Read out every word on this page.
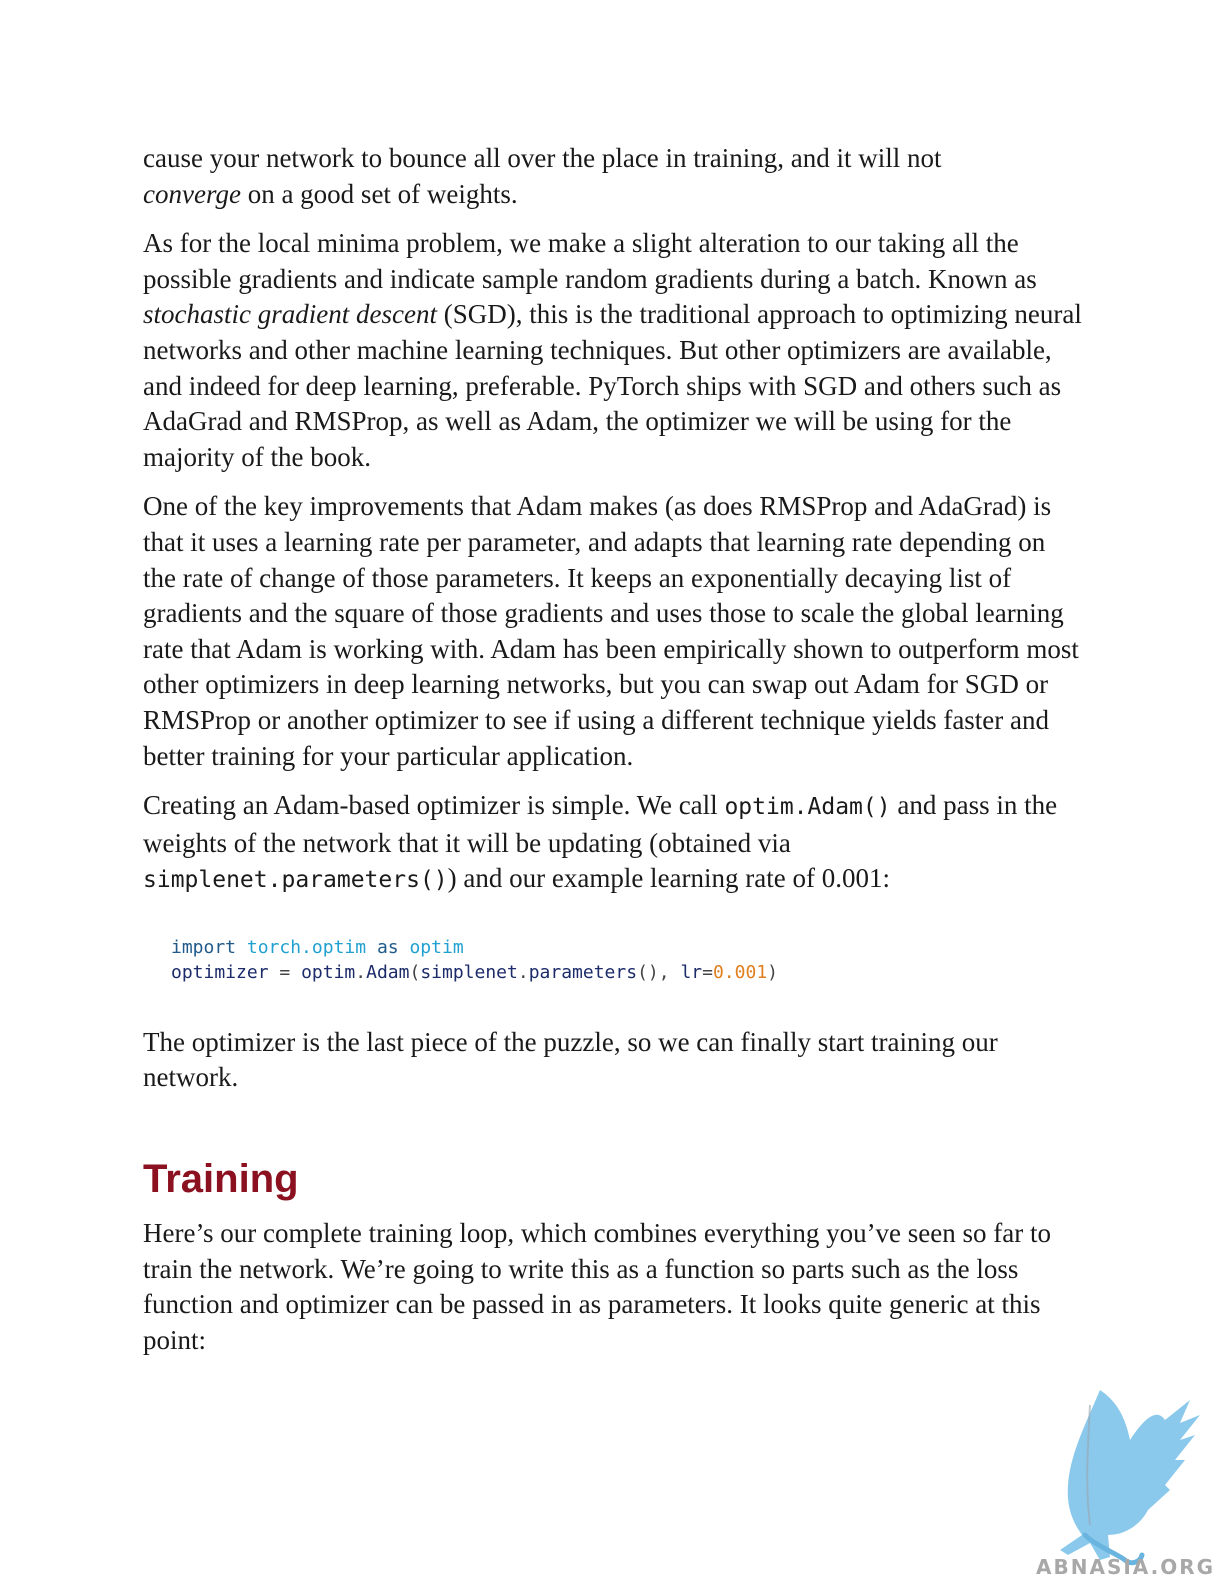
cause your network to bounce all over the place in training, and it will not
converge on a good set of weights.

As for the local minima problem, we make a slight alteration to our taking all the possible gradients and indicate sample random gradients during a batch. Known as stochastic gradient descent (SGD), this is the traditional approach to optimizing neural networks and other machine learning techniques. But other optimizers are available, and indeed for deep learning, preferable. PyTorch ships with SGD and others such as AdaGrad and RMSProp, as well as Adam, the optimizer we will be using for the majority of the book.

One of the key improvements that Adam makes (as does RMSProp and AdaGrad) is that it uses a learning rate per parameter, and adapts that learning rate depending on the rate of change of those parameters. It keeps an exponentially decaying list of gradients and the square of those gradients and uses those to scale the global learning rate that Adam is working with. Adam has been empirically shown to outperform most other optimizers in deep learning networks, but you can swap out Adam for SGD or RMSProp or another optimizer to see if using a different technique yields faster and better training for your particular application.

Creating an Adam-based optimizer is simple. We call optim.Adam() and pass in the weights of the network that it will be updating (obtained via simplenet.parameters()) and our example learning rate of 0.001:

import torch.optim as optim
optimizer = optim.Adam(simplenet.parameters(), lr=0.001)

The optimizer is the last piece of the puzzle, so we can finally start training our network.

Training

Here’s our complete training loop, which combines everything you’ve seen so far to train the network. We’re going to write this as a function so parts such as the loss function and optimizer can be passed in as parameters. It looks quite generic at this point:

ABNASIA.ORG
